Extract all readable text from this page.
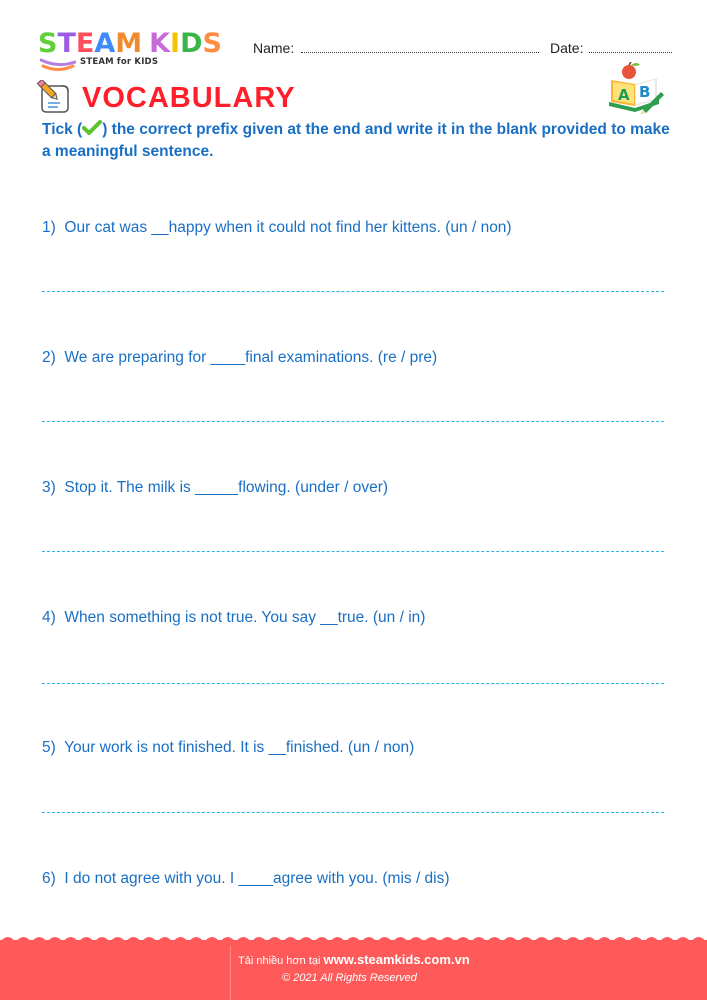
STEAM KIDS
STEAM for KIDS
Name:	Date:
VOCABULARY	A B
Tick ( ) the correct prefix given at the end and write it in the blank provided to make a meaningful sentence.
1) Our cat was __happy when it could not find her kittens. (un / non)
2) We are preparing for ____final examinations. (re / pre)
3) Stop it. The milk is _____flowing. (under / over)
4) When something is not true. You say __true. (un / in)
5) Your work is not finished. It is __finished. (un / non)
6) I do not agree with you. I ____agree with you. (mis / dis)
Tải nhiều hơn tại www.steamkids.com.vn
© 2021 All Rights Reserved
